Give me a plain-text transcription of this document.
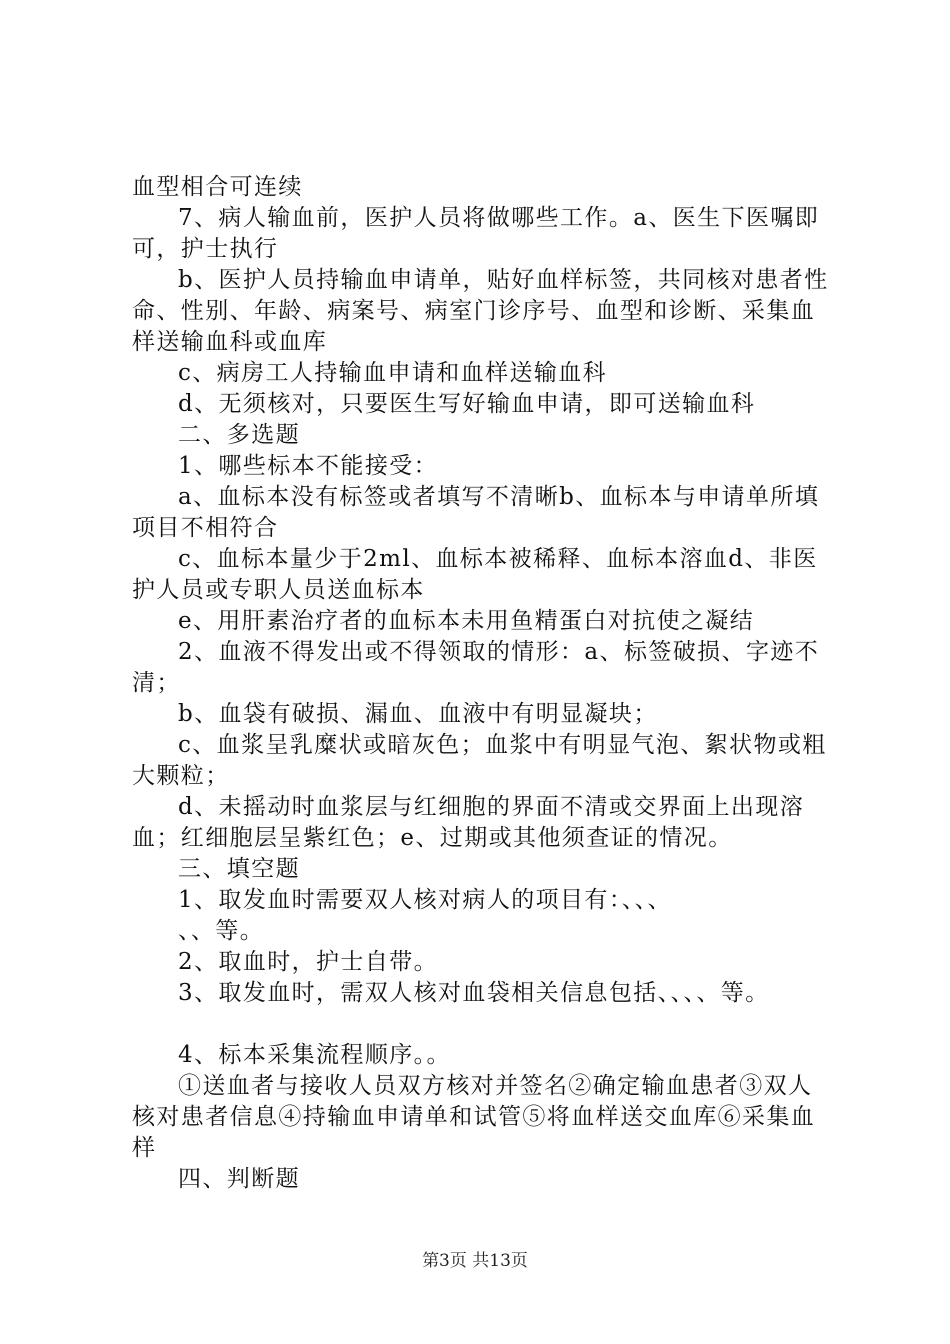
血型相合可连续

7、病人输血前，医护人员将做哪些工作。a、医生下医嘱即可，护士执行

b、医护人员持输血申请单，贴好血样标签，共同核对患者性命、性别、年龄、病案号、病室门诊序号、血型和诊断、采集血样送输血科或血库

c、病房工人持输血申请和血样送输血科

d、无须核对，只要医生写好输血申请，即可送输血科

二、多选题

1、哪些标本不能接受：

a、血标本没有标签或者填写不清晰b、血标本与申请单所填项目不相符合

c、血标本量少于2ml、血标本被稀释、血标本溶血d、非医护人员或专职人员送血标本

e、用肝素治疗者的血标本未用鱼精蛋白对抗使之凝结

2、血液不得发出或不得领取的情形：a、标签破损、字迹不清；

b、血袋有破损、漏血、血液中有明显凝块；

c、血浆呈乳糜状或暗灰色；血浆中有明显气泡、絮状物或粗大颗粒；

d、未摇动时血浆层与红细胞的界面不清或交界面上出现溶血；红细胞层呈紫红色；e、过期或其他须查证的情况。

三、填空题

1、取发血时需要双人核对病人的项目有：、、、

、、等。

2、取血时，护士自带。

3、取发血时，需双人核对血袋相关信息包括、、、、等。

4、标本采集流程顺序。。

①送血者与接收人员双方核对并签名②确定输血患者③双人核对患者信息④持输血申请单和试管⑤将血样送交血库⑥采集血样

四、判断题

第3页 共13页
